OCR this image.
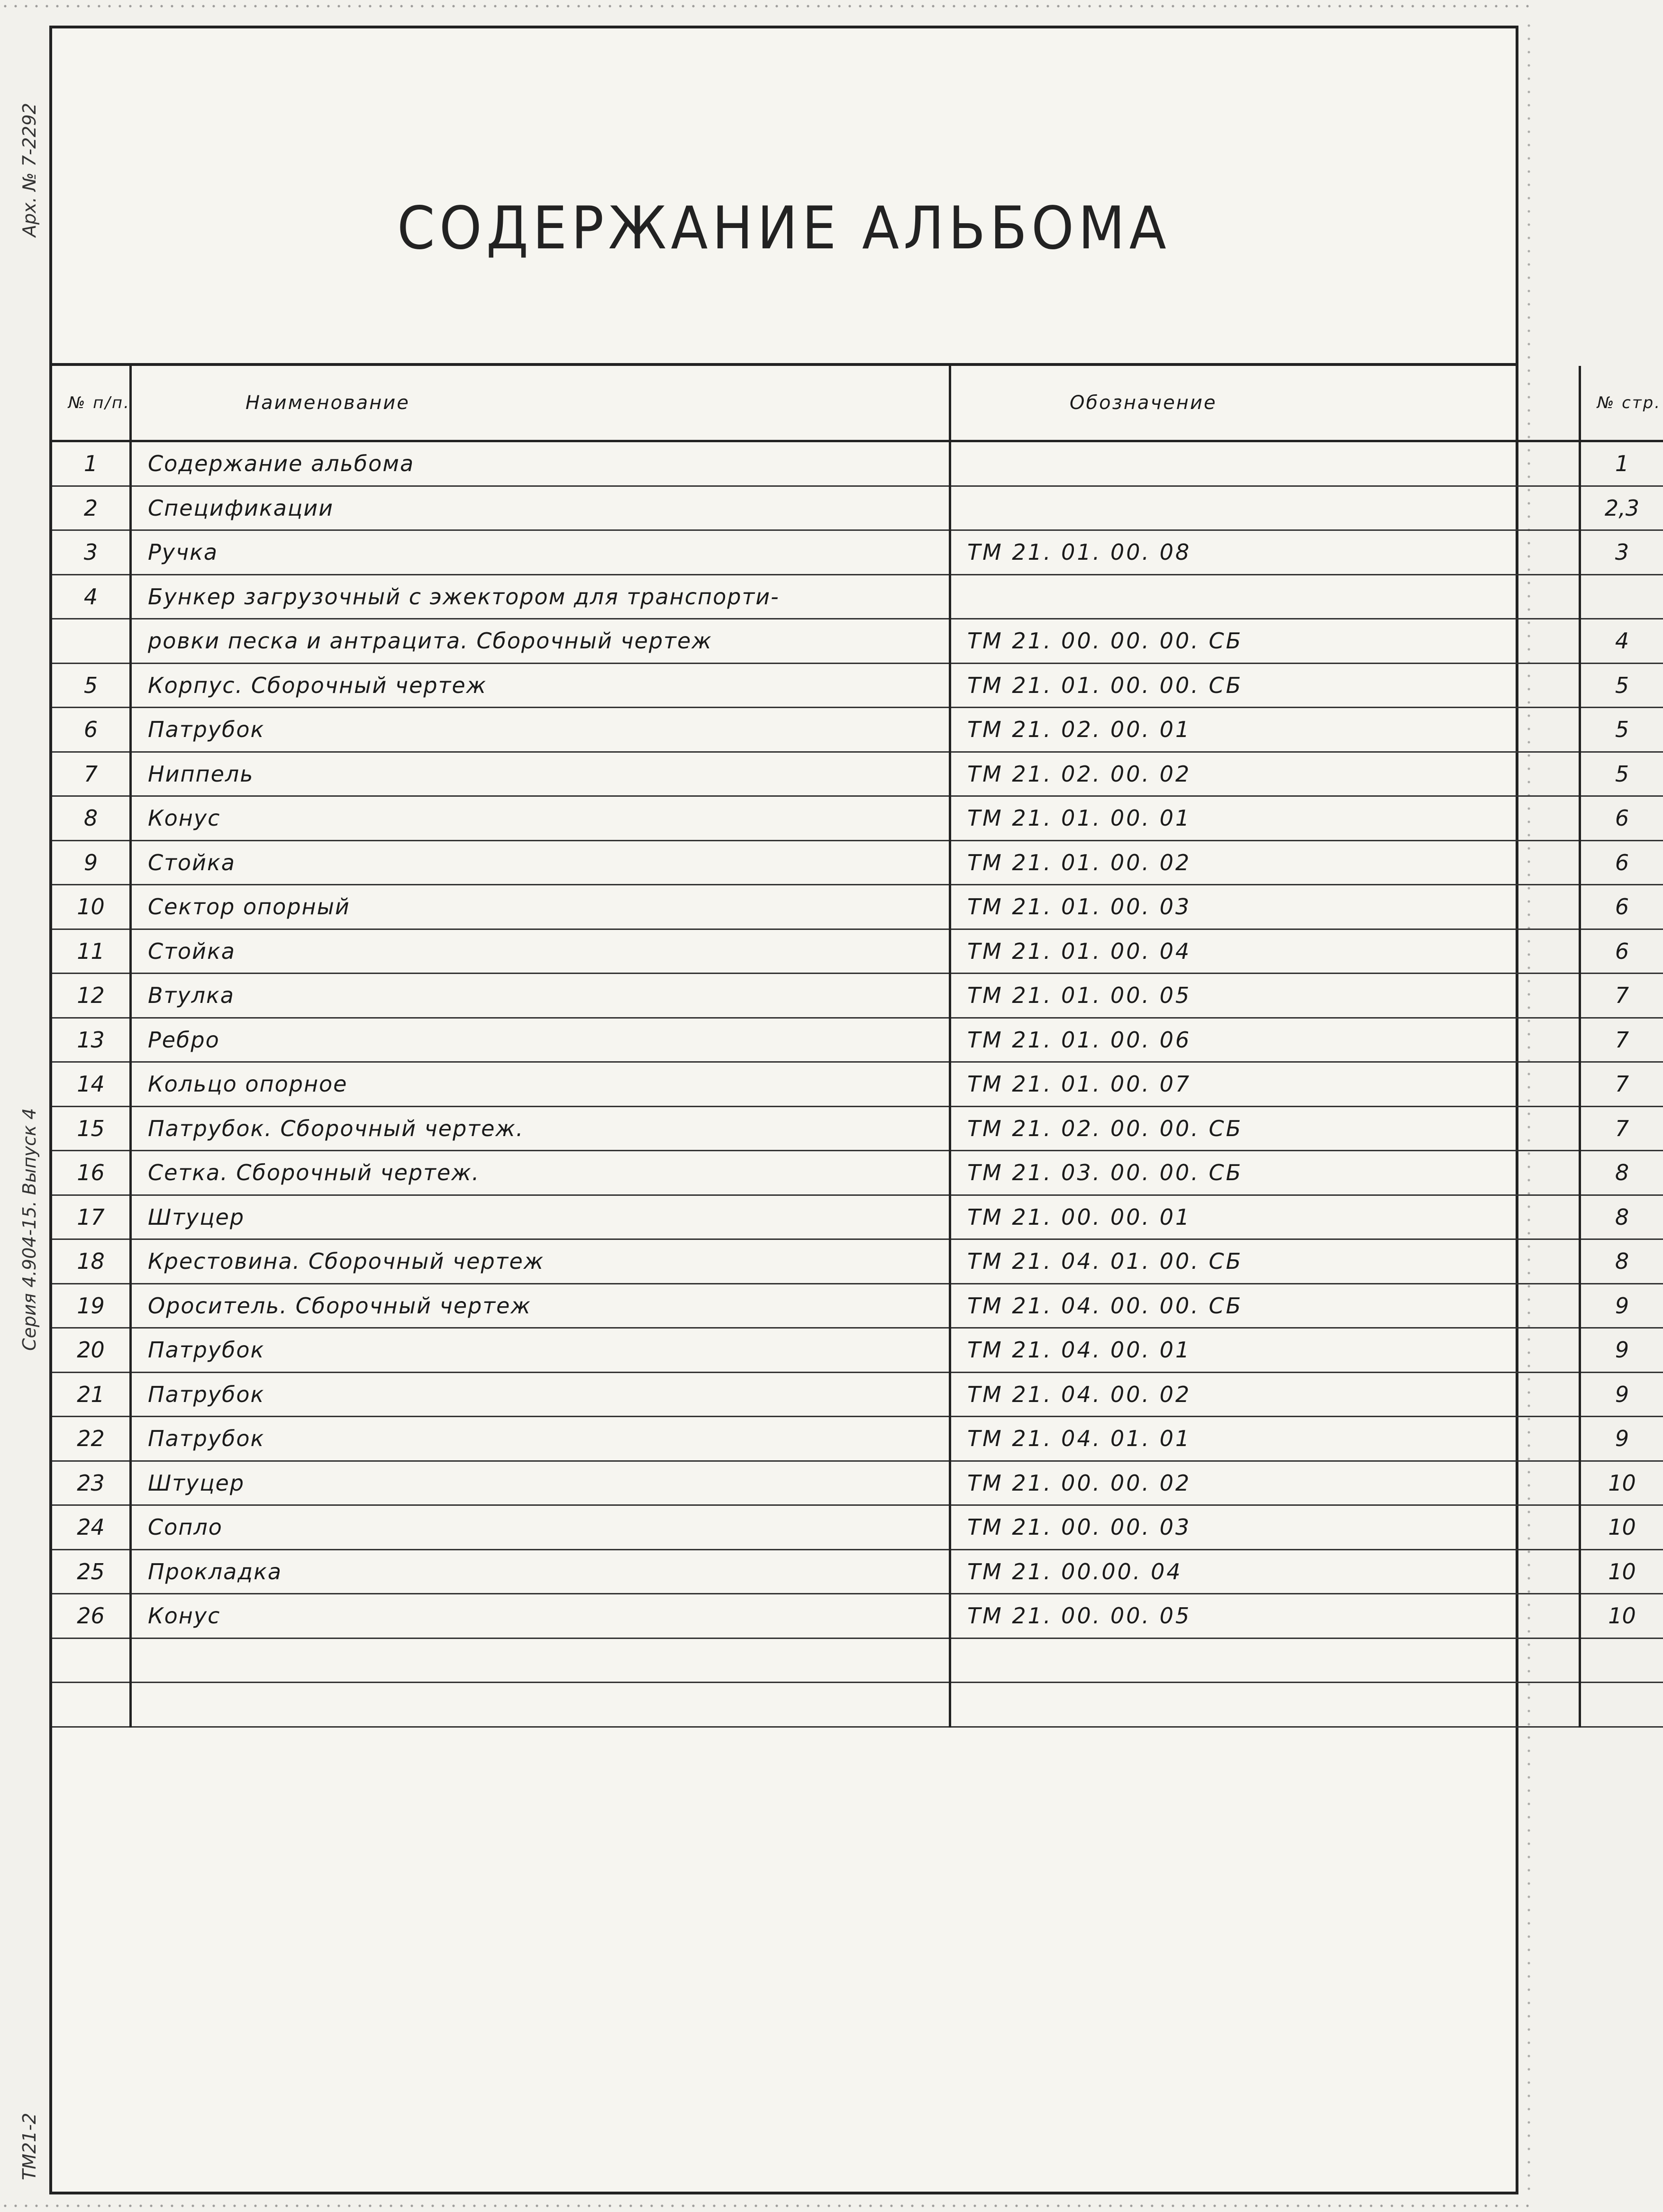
Арх. № 7-2292
Серия 4.904-15. Выпуск 4
ТМ21-2
СОДЕРЖАНИЕ АЛЬБОМА
№ п/п.	Наименование	Обозначение	№ стр.
1	Содержание альбома		1
2	Спецификации		2,3
3	Ручка	ТМ 21. 01. 00. 08	3
4	Бункер загрузочный с эжектором для транспорти-		
	ровки песка и антрацита. Сборочный чертеж	ТМ 21. 00. 00. 00. СБ	4
5	Корпус. Сборочный чертеж	ТМ 21. 01. 00. 00. СБ	5
6	Патрубок	ТМ 21. 02. 00. 01	5
7	Ниппель	ТМ 21. 02. 00. 02	5
8	Конус	ТМ 21. 01. 00. 01	6
9	Стойка	ТМ 21. 01. 00. 02	6
10	Сектор опорный	ТМ 21. 01. 00. 03	6
11	Стойка	ТМ 21. 01. 00. 04	6
12	Втулка	ТМ 21. 01. 00. 05	7
13	Ребро	ТМ 21. 01. 00. 06	7
14	Кольцо опорное	ТМ 21. 01. 00. 07	7
15	Патрубок. Сборочный чертеж.	ТМ 21. 02. 00. 00. СБ	7
16	Сетка. Сборочный чертеж.	ТМ 21. 03. 00. 00. СБ	8
17	Штуцер	ТМ 21. 00. 00. 01	8
18	Крестовина. Сборочный чертеж	ТМ 21. 04. 01. 00. СБ	8
19	Ороситель. Сборочный чертеж	ТМ 21. 04. 00. 00. СБ	9
20	Патрубок	ТМ 21. 04. 00. 01	9
21	Патрубок	ТМ 21. 04. 00. 02	9
22	Патрубок	ТМ 21. 04. 01. 01	9
23	Штуцер	ТМ 21. 00. 00. 02	10
24	Сопло	ТМ 21. 00. 00. 03	10
25	Прокладка	ТМ 21. 00.00. 04	10
26	Конус	ТМ 21. 00. 00. 05	10
